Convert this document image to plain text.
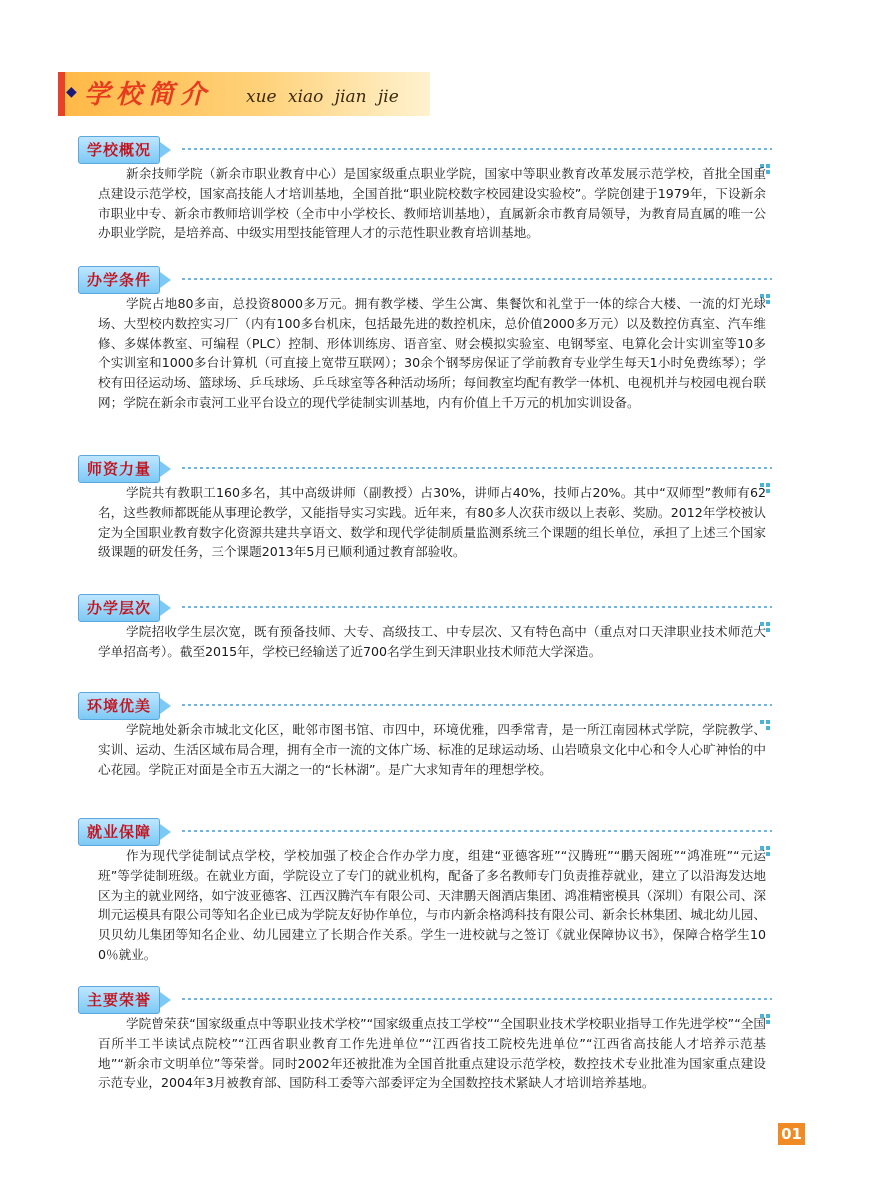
◆ 学校简介 xue xiao jian jie
学校概况

新余技师学院（新余市职业教育中心）是国家级重点职业学院，国家中等职业教育改革发展示范学校，首批全国重点建设示范学校，国家高技能人才培训基地，全国首批“职业院校数字校园建设实验校”。学院创建于1979年，下设新余市职业中专、新余市教师培训学校（全市中小学校长、教师培训基地），直属新余市教育局领导，为教育局直属的唯一公办职业学院，是培养高、中级实用型技能管理人才的示范性职业教育培训基地。

办学条件

学院占地80多亩，总投资8000多万元。拥有教学楼、学生公寓、集餐饮和礼堂于一体的综合大楼、一流的灯光球场、大型校内数控实习厂（内有100多台机床，包括最先进的数控机床，总价值2000多万元）以及数控仿真室、汽车维修、多媒体教室、可编程（PLC）控制、形体训练房、语音室、财会模拟实验室、电钢琴室、电算化会计实训室等10多个实训室和1000多台计算机（可直接上宽带互联网）；30余个钢琴房保证了学前教育专业学生每天1小时免费练琴）；学校有田径运动场、篮球场、乒乓球场、乒乓球室等各种活动场所；每间教室均配有教学一体机、电视机并与校园电视台联网；学院在新余市袁河工业平台设立的现代学徒制实训基地，内有价值上千万元的机加实训设备。

师资力量

学院共有教职工160多名，其中高级讲师（副教授）占30%，讲师占40%，技师占20%。其中“双师型”教师有62名，这些教师都既能从事理论教学，又能指导实习实践。近年来，有80多人次获市级以上表彰、奖励。2012年学校被认定为全国职业教育数字化资源共建共享语文、数学和现代学徒制质量监测系统三个课题的组长单位，承担了上述三个国家级课题的研发任务，三个课题2013年5月已顺利通过教育部验收。

办学层次

学院招收学生层次宽，既有预备技师、大专、高级技工、中专层次、又有特色高中（重点对口天津职业技术师范大学单招高考）。截至2015年，学校已经输送了近700名学生到天津职业技术师范大学深造。

环境优美

学院地处新余市城北文化区，毗邻市图书馆、市四中，环境优雅，四季常青，是一所江南园林式学院，学院教学、实训、运动、生活区域布局合理，拥有全市一流的文体广场、标准的足球运动场、山岩喷泉文化中心和令人心旷神怡的中心花园。学院正对面是全市五大湖之一的“长林湖”。是广大求知青年的理想学校。

就业保障

作为现代学徒制试点学校，学校加强了校企合作办学力度，组建“亚德客班”“汉腾班”“鹏天阁班”“鸿准班”“元运班”等学徒制班级。在就业方面，学院设立了专门的就业机构，配备了多名教师专门负责推荐就业，建立了以沿海发达地区为主的就业网络，如宁波亚德客、江西汉腾汽车有限公司、天津鹏天阁酒店集团、鸿准精密模具（深圳）有限公司、深圳元运模具有限公司等知名企业已成为学院友好协作单位，与市内新余格鸿科技有限公司、新余长林集团、城北幼儿园、贝贝幼儿集团等知名企业、幼儿园建立了长期合作关系。学生一进校就与之签订《就业保障协议书》，保障合格学生100％就业。

主要荣誉

学院曾荣获“国家级重点中等职业技术学校”“国家级重点技工学校”“全国职业技术学校职业指导工作先进学校”“全国百所半工半读试点院校”“江西省职业教育工作先进单位”“江西省技工院校先进单位”“江西省高技能人才培养示范基地”“新余市文明单位”等荣誉。同时2002年还被批准为全国首批重点建设示范学校，数控技术专业批准为国家重点建设示范专业，2004年3月被教育部、国防科工委等六部委评定为全国数控技术紧缺人才培训培养基地。

01
